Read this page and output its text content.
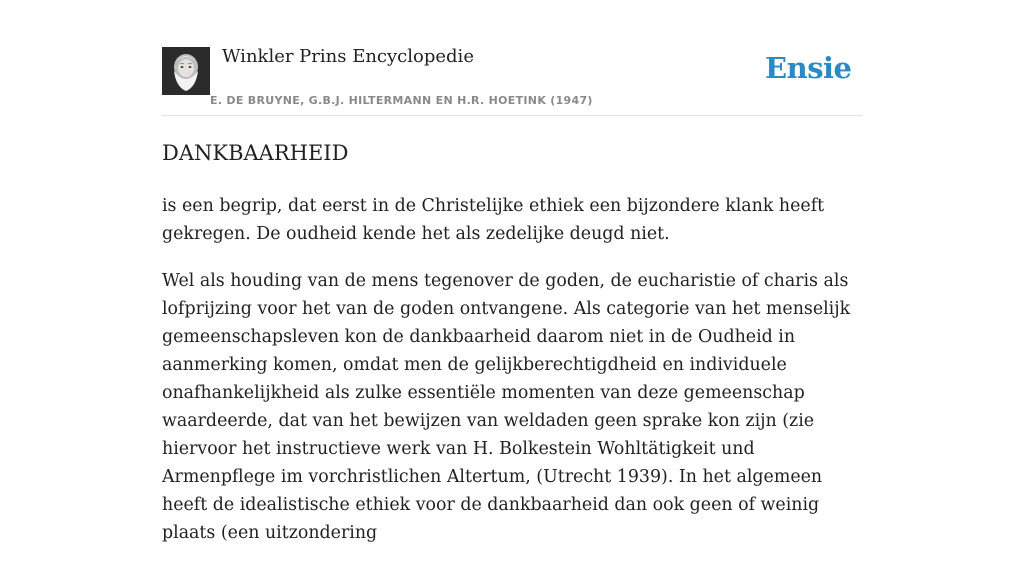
Winkler Prins Encyclopedie	Ensie
E. DE BRUYNE, G.B.J. HILTERMANN EN H.R. HOETINK (1947)
DANKBAARHEID

is een begrip, dat eerst in de Christelijke ethiek een bijzondere klank heeft gekregen. De oudheid kende het als zedelijke deugd niet.

Wel als houding van de mens tegenover de goden, de eucharistie of charis als lofprijzing voor het van de goden ontvangene. Als categorie van het menselijk gemeenschapsleven kon de dankbaarheid daarom niet in de Oudheid in aanmerking komen, omdat men de gelijkberechtigdheid en individuele onafhankelijkheid als zulke essentiële momenten van deze gemeenschap waardeerde, dat van het bewijzen van weldaden geen sprake kon zijn (zie hiervoor het instructieve werk van H. Bolkestein Wohltätigkeit und Armenpflege im vorchristlichen Altertum, (Utrecht 1939). In het algemeen heeft de idealistische ethiek voor de dankbaarheid dan ook geen of weinig plaats (een uitzondering
